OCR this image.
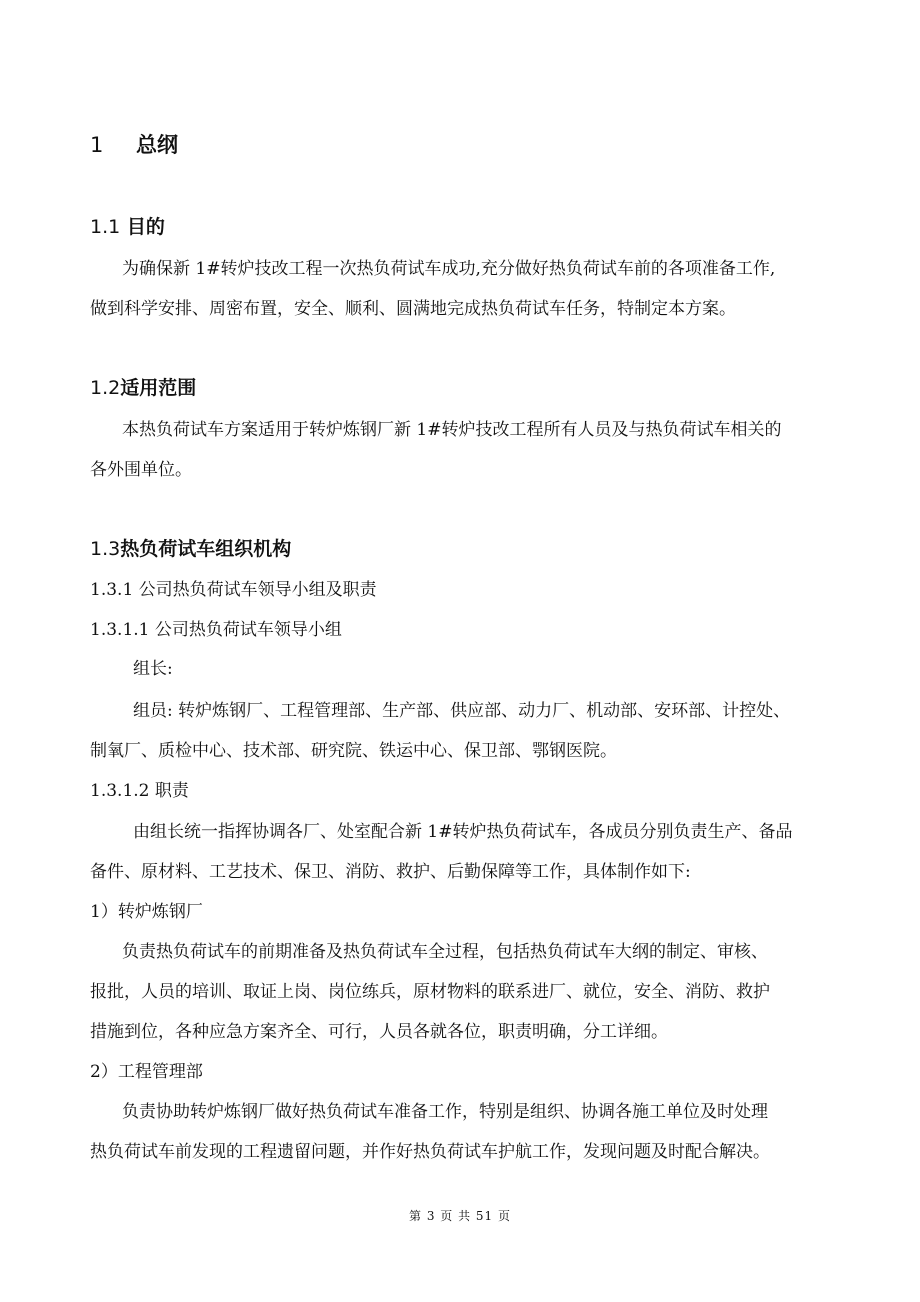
1 总纲
1.1 目的
为确保新 1#转炉技改工程一次热负荷试车成功,充分做好热负荷试车前的各项准备工作,
做到科学安排、周密布置，安全、顺利、圆满地完成热负荷试车任务，特制定本方案。
1.2适用范围
本热负荷试车方案适用于转炉炼钢厂新 1#转炉技改工程所有人员及与热负荷试车相关的
各外围单位。
1.3热负荷试车组织机构
1.3.1 公司热负荷试车领导小组及职责
1.3.1.1 公司热负荷试车领导小组
组长:
组员: 转炉炼钢厂、工程管理部、生产部、供应部、动力厂、机动部、安环部、计控处、
制氧厂、质检中心、技术部、研究院、铁运中心、保卫部、鄂钢医院。
1.3.1.2 职责
由组长统一指挥协调各厂、处室配合新 1#转炉热负荷试车，各成员分别负责生产、备品
备件、原材料、工艺技术、保卫、消防、救护、后勤保障等工作，具体制作如下:
1）转炉炼钢厂
负责热负荷试车的前期准备及热负荷试车全过程，包括热负荷试车大纲的制定、审核、
报批，人员的培训、取证上岗、岗位练兵，原材物料的联系进厂、就位，安全、消防、救护
措施到位，各种应急方案齐全、可行，人员各就各位，职责明确，分工详细。
2）工程管理部
负责协助转炉炼钢厂做好热负荷试车准备工作，特别是组织、协调各施工单位及时处理
热负荷试车前发现的工程遗留问题，并作好热负荷试车护航工作，发现问题及时配合解决。
第 3 页 共 51 页
